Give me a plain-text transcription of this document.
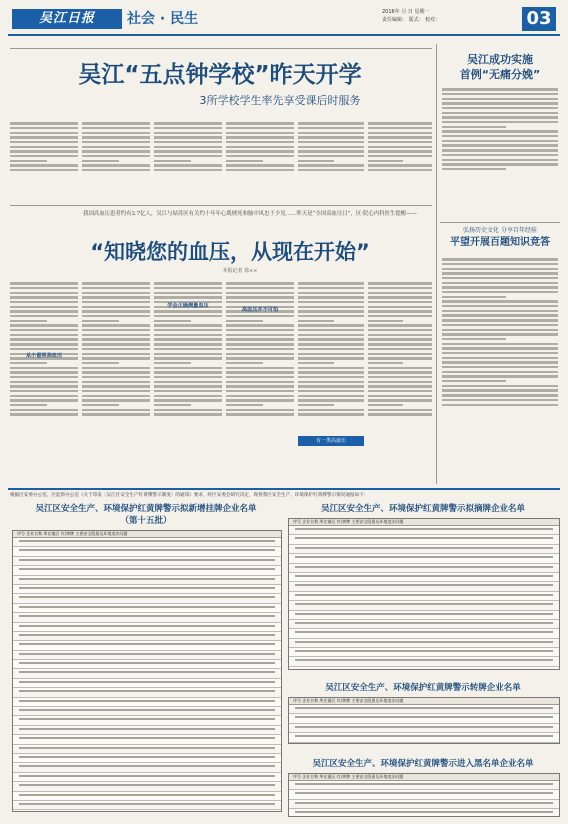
吴江日报	社会 · 民生	2016年 月 日 星期一
责任编辑： 版式： 校对：	03
吴江“五点钟学校”昨天开学
3所学校学生率先享受课后时服务
吴江成功实施
首例“无痛分娩”
弘扬历史文化 分享百年经验
平望开展百题知识竞答
我国高血压患者约有2.7亿人，吴江与姑苏区有关约十年年心肌梗死和脑中风忠于少见……昨天是“全国高血压日”，区·院心内科医生提醒——
“知晓您的血压，从现在开始”
本报记者 徐××
从小重视高血压
学会正确测量血压
高血压并不可怕
有一类高血压
根据区安委办公室、区监察办公室《关于印发〈吴江区安全生产红黄牌警示制度〉的通知》要求，经区安委会研究决定，现将我区安全生产、环境保护红黄牌警示情况通报如下：
吴江区安全生产、环境保护红黄牌警示拟新增挂牌企业名单
（第十五批）
序号 企业名称 所在镇区 红/黄牌 主要安全隐患及环境违法问题
吴江区安全生产、环境保护红黄牌警示拟摘牌企业名单
序号 企业名称 所在镇区 红/黄牌 主要安全隐患及环境违法问题
吴江区安全生产、环境保护红黄牌警示转牌企业名单
序号 企业名称 所在镇区 红/黄牌 主要安全隐患及环境违法问题
吴江区安全生产、环境保护红黄牌警示进入黑名单企业名单
序号 企业名称 所在镇区 红/黄牌 主要安全隐患及环境违法问题
